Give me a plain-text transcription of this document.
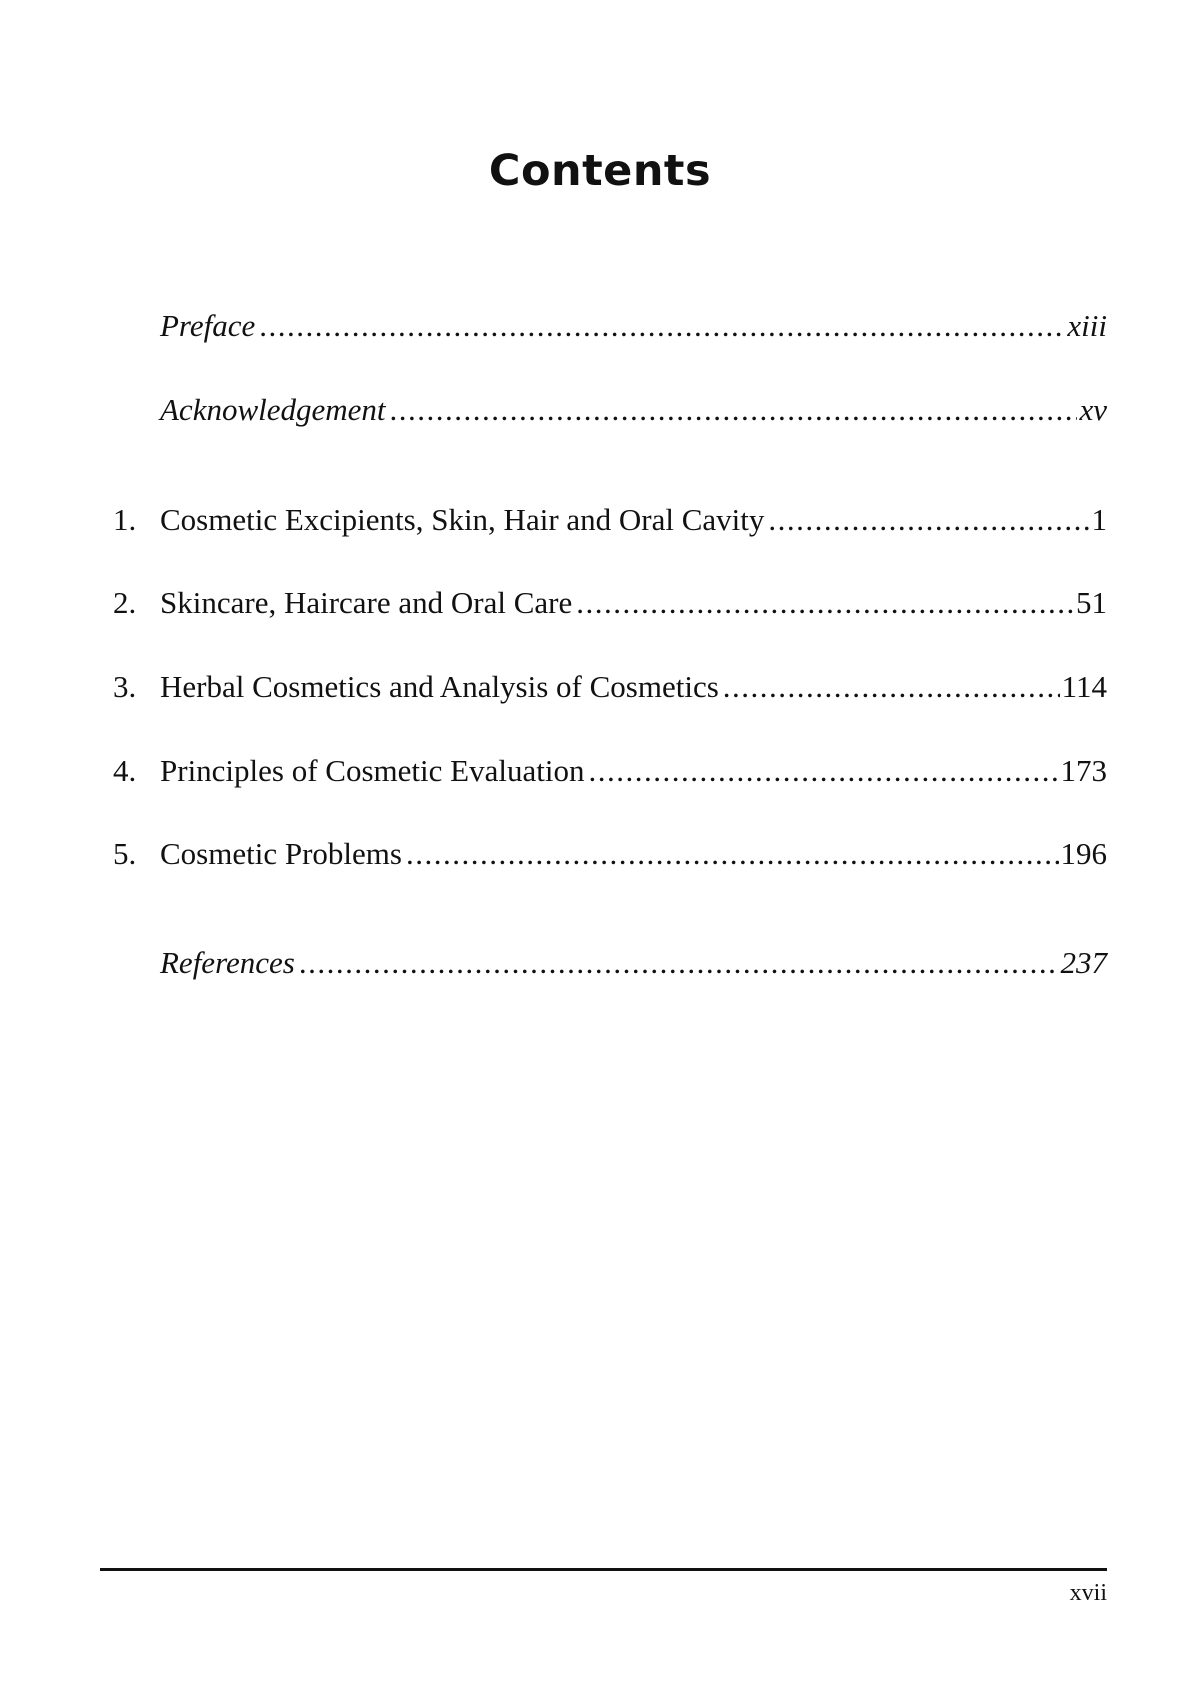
Contents
Preface .....	xiii
Acknowledgement .....	xv
1. Cosmetic Excipients, Skin, Hair and Oral Cavity .....	1
2. Skincare, Haircare and Oral Care .....	51
3. Herbal Cosmetics and Analysis of Cosmetics .....	114
4. Principles of Cosmetic Evaluation .....	173
5. Cosmetic Problems .....	196
References .....	237
xvii
